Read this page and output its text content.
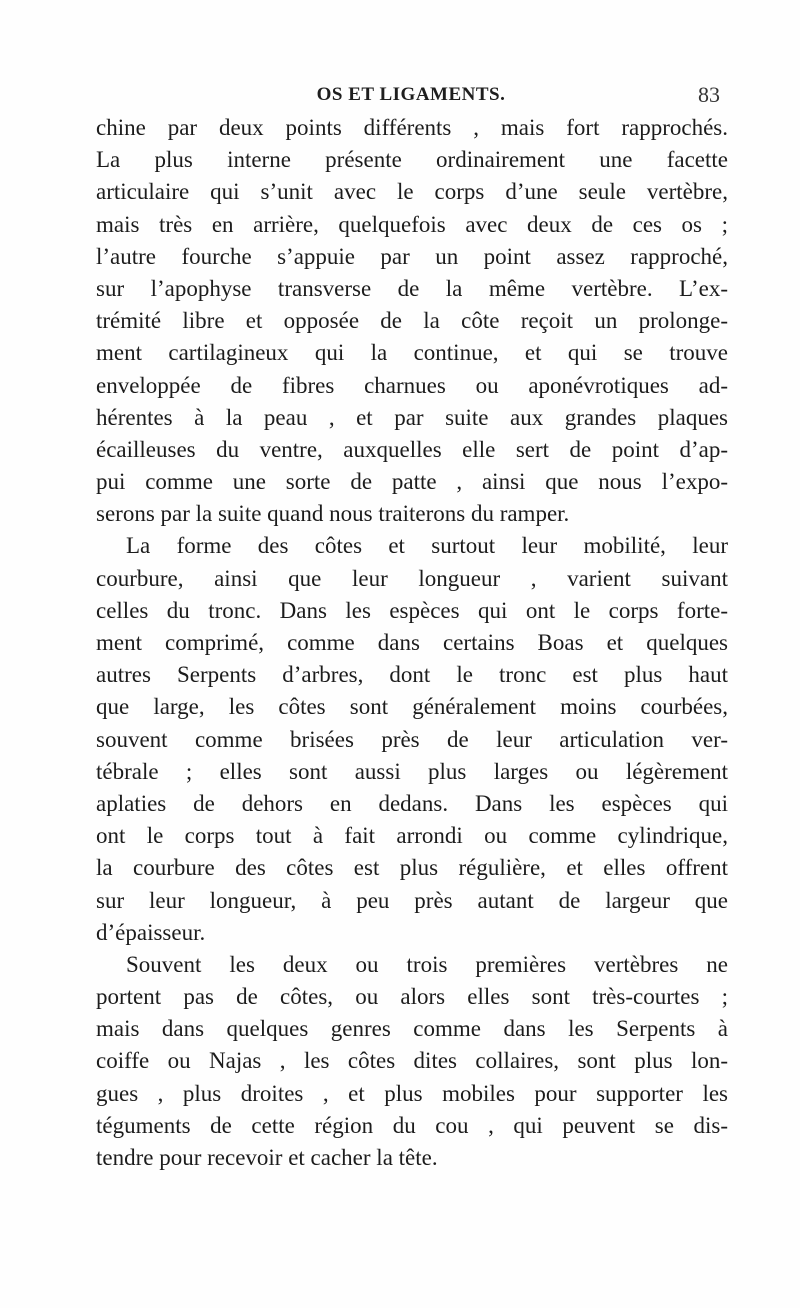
OS ET LIGAMENTS.	83
chine par deux points différents , mais fort rapprochés.
La plus interne présente ordinairement une facette
articulaire qui s’unit avec le corps d’une seule vertèbre,
mais très en arrière, quelquefois avec deux de ces os ;
l’autre fourche s’appuie par un point assez rapproché,
sur l’apophyse transverse de la même vertèbre. L’ex-
trémité libre et opposée de la côte reçoit un prolonge-
ment cartilagineux qui la continue, et qui se trouve
enveloppée de fibres charnues ou aponévrotiques ad-
hérentes à la peau , et par suite aux grandes plaques
écailleuses du ventre, auxquelles elle sert de point d’ap-
pui comme une sorte de patte , ainsi que nous l’expo-
serons par la suite quand nous traiterons du ramper.
La forme des côtes et surtout leur mobilité, leur
courbure, ainsi que leur longueur , varient suivant
celles du tronc. Dans les espèces qui ont le corps forte-
ment comprimé, comme dans certains Boas et quelques
autres Serpents d’arbres, dont le tronc est plus haut
que large, les côtes sont généralement moins courbées,
souvent comme brisées près de leur articulation ver-
tébrale ; elles sont aussi plus larges ou légèrement
aplaties de dehors en dedans. Dans les espèces qui
ont le corps tout à fait arrondi ou comme cylindrique,
la courbure des côtes est plus régulière, et elles offrent
sur leur longueur, à peu près autant de largeur que
d’épaisseur.
Souvent les deux ou trois premières vertèbres ne
portent pas de côtes, ou alors elles sont très-courtes ;
mais dans quelques genres comme dans les Serpents à
coiffe ou Najas , les côtes dites collaires, sont plus lon-
gues , plus droites , et plus mobiles pour supporter les
téguments de cette région du cou , qui peuvent se dis-
tendre pour recevoir et cacher la tête.
